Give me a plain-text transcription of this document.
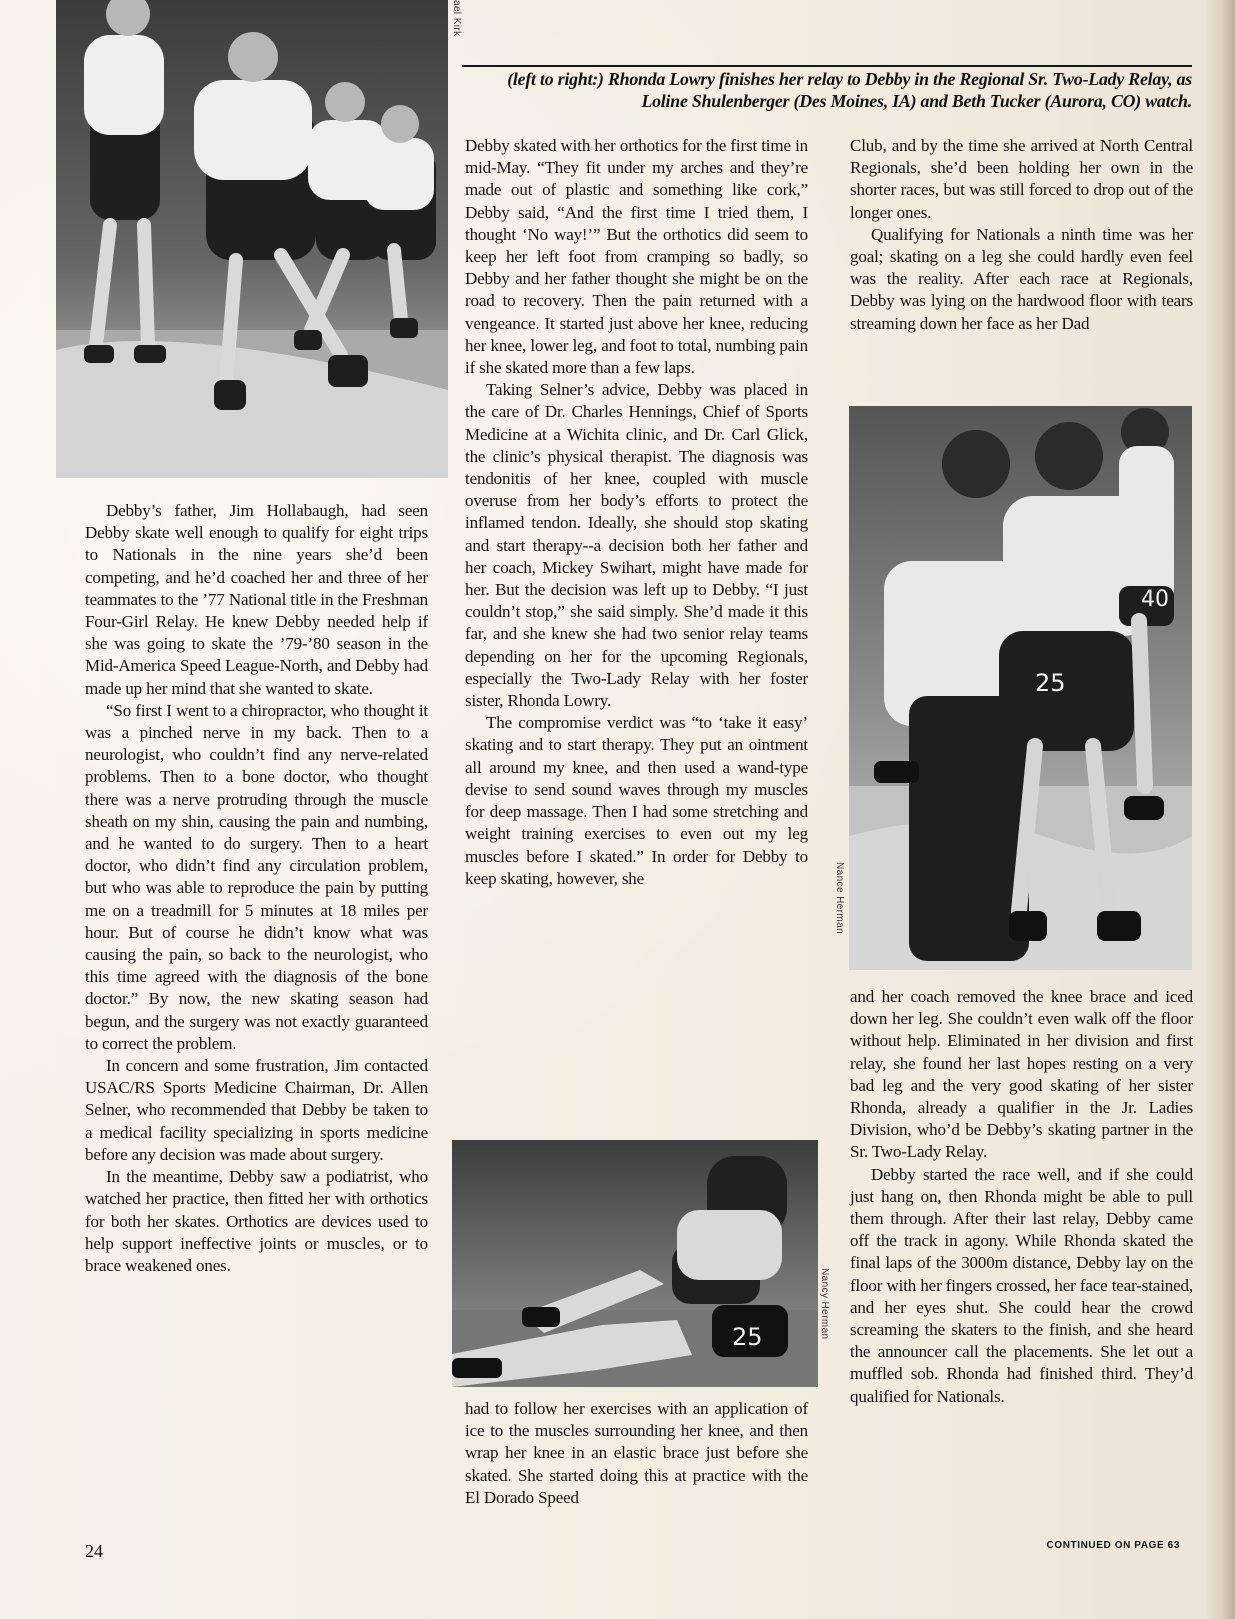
ael Kirk

(left to right:) Rhonda Lowry finishes her relay to Debby in the Regional Sr. Two-Lady Relay, as Loline Shulenberger (Des Moines, IA) and Beth Tucker (Aurora, CO) watch.

Debby’s father, Jim Hollabaugh, had seen Debby skate well enough to qualify for eight trips to Nationals in the nine years she’d been competing, and he’d coached her and three of her teammates to the ’77 National title in the Freshman Four-Girl Relay. He knew Debby needed help if she was going to skate the ’79-’80 season in the Mid-America Speed League-North, and Debby had made up her mind that she wanted to skate.

“So first I went to a chiropractor, who thought it was a pinched nerve in my back. Then to a neurologist, who couldn’t find any nerve-related problems. Then to a bone doctor, who thought there was a nerve protruding through the muscle sheath on my shin, causing the pain and numbing, and he wanted to do surgery. Then to a heart doctor, who didn’t find any circulation problem, but who was able to reproduce the pain by putting me on a treadmill for 5 minutes at 18 miles per hour. But of course he didn’t know what was causing the pain, so back to the neurologist, who this time agreed with the diagnosis of the bone doctor.” By now, the new skating season had begun, and the surgery was not exactly guaranteed to correct the problem.

In concern and some frustration, Jim contacted USAC/RS Sports Medicine Chairman, Dr. Allen Selner, who recommended that Debby be taken to a medical facility specializing in sports medicine before any decision was made about surgery.

In the meantime, Debby saw a podiatrist, who watched her practice, then fitted her with orthotics for both her skates. Orthotics are devices used to help support ineffective joints or muscles, or to brace weakened ones.

Debby skated with her orthotics for the first time in mid-May. “They fit under my arches and they’re made out of plastic and something like cork,” Debby said, “And the first time I tried them, I thought ‘No way!’” But the orthotics did seem to keep her left foot from cramping so badly, so Debby and her father thought she might be on the road to recovery. Then the pain returned with a vengeance. It started just above her knee, reducing her knee, lower leg, and foot to total, numbing pain if she skated more than a few laps.

Taking Selner’s advice, Debby was placed in the care of Dr. Charles Hennings, Chief of Sports Medicine at a Wichita clinic, and Dr. Carl Glick, the clinic’s physical therapist. The diagnosis was tendonitis of her knee, coupled with muscle overuse from her body’s efforts to protect the inflamed tendon. Ideally, she should stop skating and start therapy--a decision both her father and her coach, Mickey Swihart, might have made for her. But the decision was left up to Debby. “I just couldn’t stop,” she said simply. She’d made it this far, and she knew she had two senior relay teams depending on her for the upcoming Regionals, especially the Two-Lady Relay with her foster sister, Rhonda Lowry.

The compromise verdict was “to ‘take it easy’ skating and to start therapy. They put an ointment all around my knee, and then used a wand-type devise to send sound waves through my muscles for deep massage. Then I had some stretching and weight training exercises to even out my leg muscles before I skated.” In order for Debby to keep skating, however, she

25	Nancy Herman

had to follow her exercises with an application of ice to the muscles surrounding her knee, and then wrap her knee in an elastic brace just before she skated. She started doing this at practice with the El Dorado Speed

Club, and by the time she arrived at North Central Regionals, she’d been holding her own in the shorter races, but was still forced to drop out of the longer ones.

Qualifying for Nationals a ninth time was her goal; skating on a leg she could hardly even feel was the reality. After each race at Regionals, Debby was lying on the hardwood floor with tears streaming down her face as her Dad

25
40
Nance Herman

and her coach removed the knee brace and iced down her leg. She couldn’t even walk off the floor without help. Eliminated in her division and first relay, she found her last hopes resting on a very bad leg and the very good skating of her sister Rhonda, already a qualifier in the Jr. Ladies Division, who’d be Debby’s skating partner in the Sr. Two-Lady Relay.

Debby started the race well, and if she could just hang on, then Rhonda might be able to pull them through. After their last relay, Debby came off the track in agony. While Rhonda skated the final laps of the 3000m distance, Debby lay on the floor with her fingers crossed, her face tear-stained, and her eyes shut. She could hear the crowd screaming the skaters to the finish, and she heard the announcer call the placements. She let out a muffled sob. Rhonda had finished third. They’d qualified for Nationals.

24	CONTINUED ON PAGE 63
